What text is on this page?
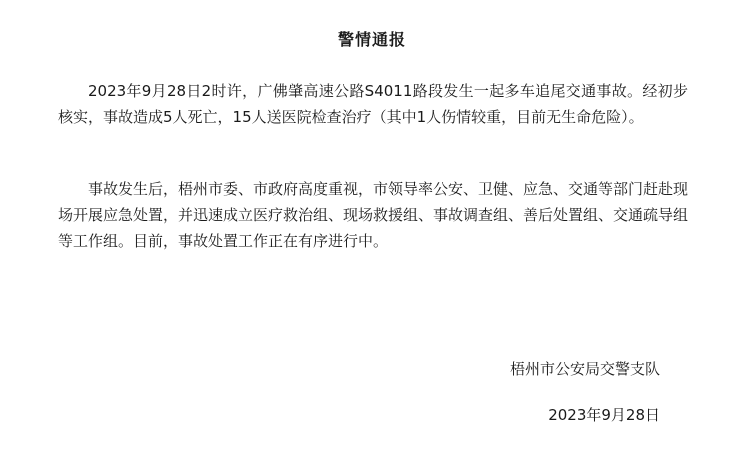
警情通报

2023年9月28日2时许，广佛肇高速公路S4011路段发生一起多车追尾交通事故。经初步核实，事故造成5人死亡，15人送医院检查治疗（其中1人伤情较重，目前无生命危险）。

事故发生后，梧州市委、市政府高度重视，市领导率公安、卫健、应急、交通等部门赶赴现场开展应急处置，并迅速成立医疗救治组、现场救援组、事故调查组、善后处置组、交通疏导组等工作组。目前，事故处置工作正在有序进行中。

梧州市公安局交警支队
2023年9月28日
